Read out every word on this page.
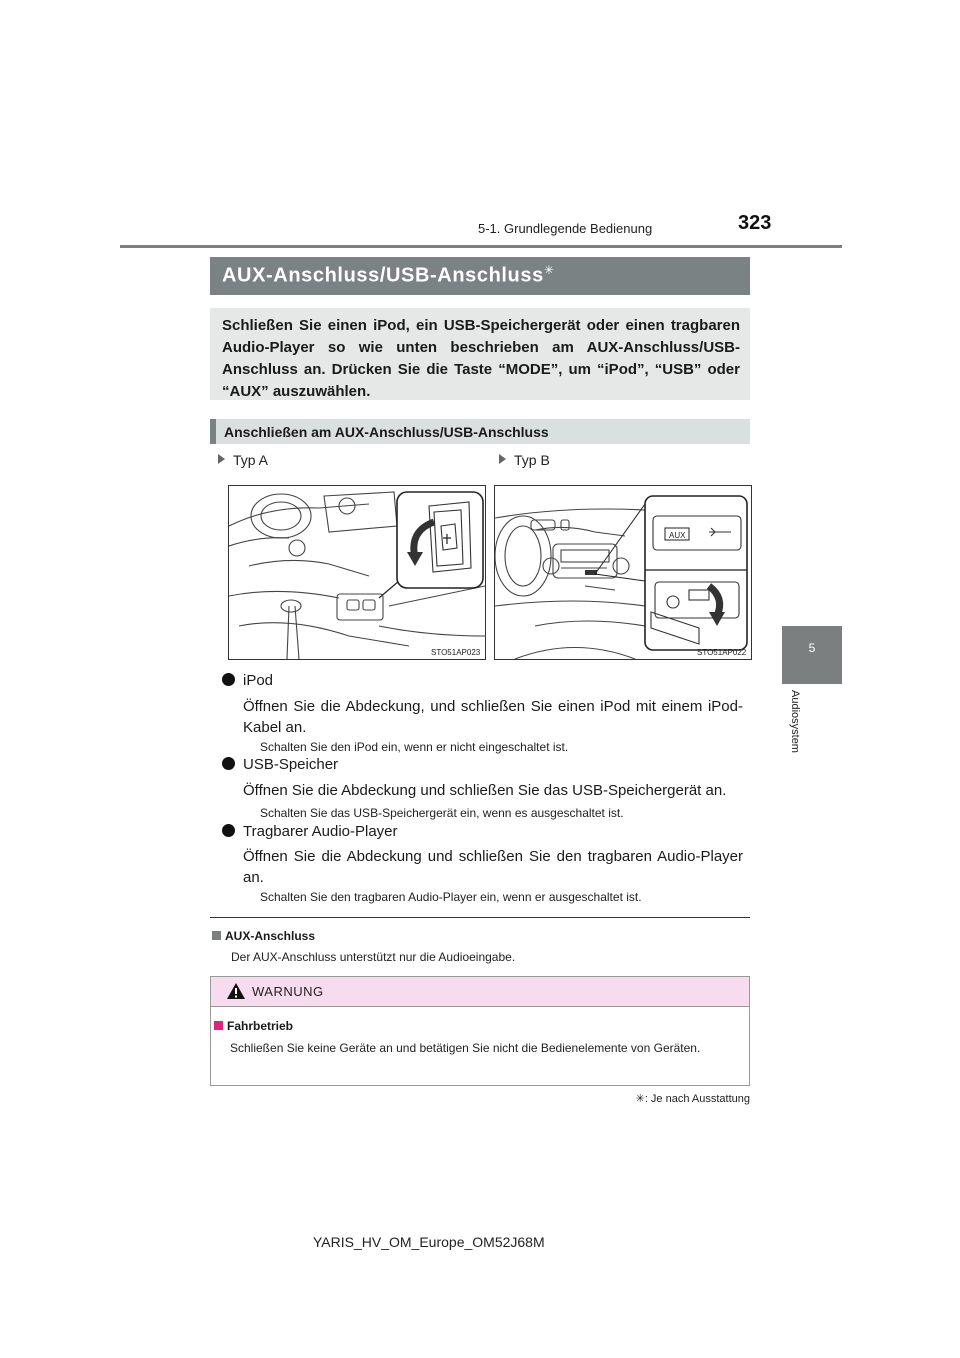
5-1. Grundlegende Bedienung	323
5
Audiosystem
AUX-Anschluss/USB-Anschluss✳
Schließen Sie einen iPod, ein USB-Speichergerät oder einen tragbaren Audio-Player so wie unten beschrieben am AUX-Anschluss/USB-Anschluss an. Drücken Sie die Taste “MODE”, um “iPod”, “USB” oder “AUX” auszuwählen.
Anschließen am AUX-Anschluss/USB-Anschluss
Typ A	Typ B
STO51AP023
AUX
STO51AP022
iPod
Öffnen Sie die Abdeckung, und schließen Sie einen iPod mit einem iPod-Kabel an.
Schalten Sie den iPod ein, wenn er nicht eingeschaltet ist.
USB-Speicher
Öffnen Sie die Abdeckung und schließen Sie das USB-Speichergerät an.
Schalten Sie das USB-Speichergerät ein, wenn es ausgeschaltet ist.
Tragbarer Audio-Player
Öffnen Sie die Abdeckung und schließen Sie den tragbaren Audio-Player an.
Schalten Sie den tragbaren Audio-Player ein, wenn er ausgeschaltet ist.
AUX-Anschluss
Der AUX-Anschluss unterstützt nur die Audioeingabe.
WARNUNG
Fahrbetrieb
Schließen Sie keine Geräte an und betätigen Sie nicht die Bedienelemente von Geräten.
✳: Je nach Ausstattung
YARIS_HV_OM_Europe_OM52J68M
